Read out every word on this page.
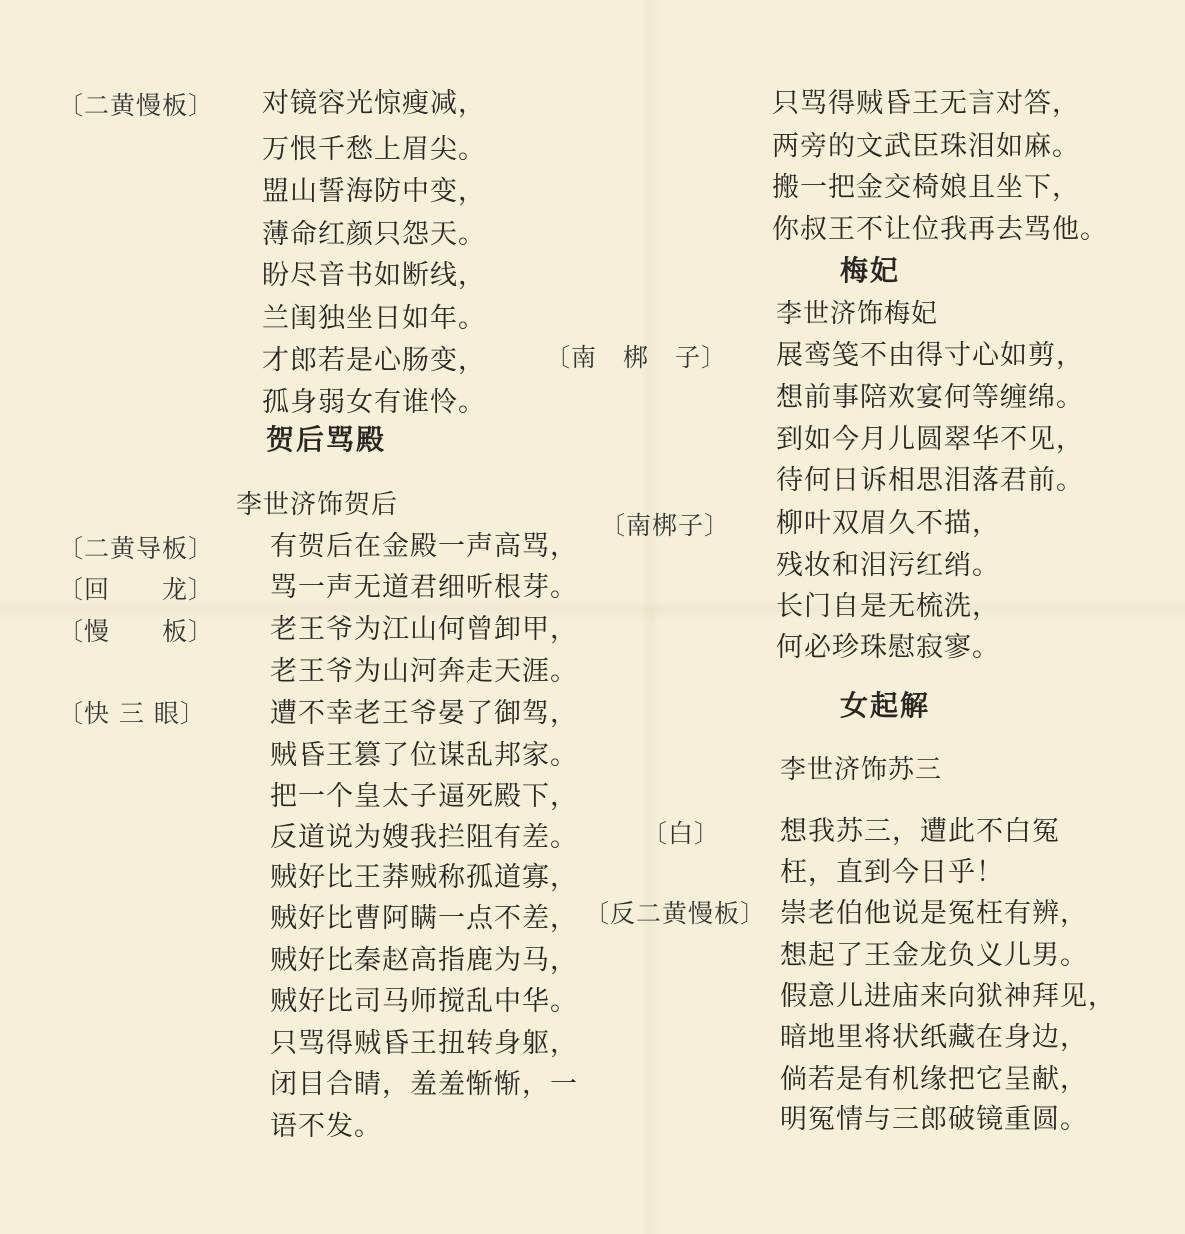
〔二黄慢板〕 对镜容光惊瘦减，
万恨千愁上眉尖。
盟山誓海防中变，
薄命红颜只怨天。
盼尽音书如断线，
兰闺独坐日如年。
才郎若是心肠变，
孤身弱女有谁怜。
贺后骂殿
李世济饰贺后
〔二黄导板〕
〔回　　龙〕
〔慢　　板〕
〔快 三 眼〕
有贺后在金殿一声高骂，
骂一声无道君细听根芽。
老王爷为江山何曾卸甲，
老王爷为山河奔走天涯。
遭不幸老王爷晏了御驾，
贼昏王篡了位谋乱邦家。
把一个皇太子逼死殿下，
反道说为嫂我拦阻有差。
贼好比王莽贼称孤道寡，
贼好比曹阿瞒一点不差，
贼好比秦赵高指鹿为马，
贼好比司马师搅乱中华。
只骂得贼昏王扭转身躯，
闭目合睛，羞羞惭惭，一
语不发。
只骂得贼昏王无言对答，
两旁的文武臣珠泪如麻。
搬一把金交椅娘且坐下，
你叔王不让位我再去骂他。
梅妃
李世济饰梅妃
〔南　梆　子〕
〔南梆子〕
展鸾笺不由得寸心如剪，
想前事陪欢宴何等缠绵。
到如今月儿圆翠华不见，
待何日诉相思泪落君前。
柳叶双眉久不描，
残妆和泪污红绡。
长门自是无梳洗，
何必珍珠慰寂寥。
女起解
李世济饰苏三
〔白〕
〔反二黄慢板〕
想我苏三，遭此不白冤
枉，直到今日乎！
崇老伯他说是冤枉有辨，
想起了王金龙负义儿男。
假意儿进庙来向狱神拜见，
暗地里将状纸藏在身边，
倘若是有机缘把它呈献，
明冤情与三郎破镜重圆。
